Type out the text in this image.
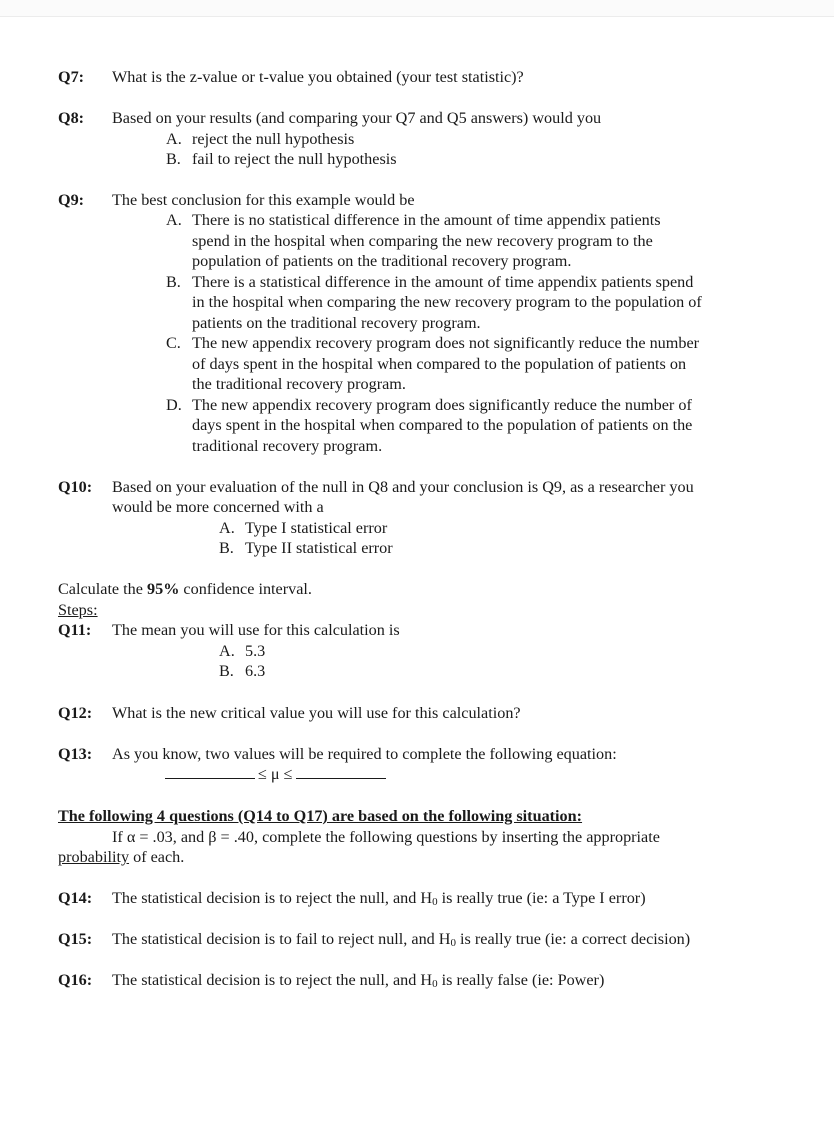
Q7: What is the z-value or t-value you obtained (your test statistic)?
Q8: Based on your results (and comparing your Q7 and Q5 answers) would you
A. reject the null hypothesis
B. fail to reject the null hypothesis
Q9: The best conclusion for this example would be
A. There is no statistical difference in the amount of time appendix patients
spend in the hospital when comparing the new recovery program to the
population of patients on the traditional recovery program.
B. There is a statistical difference in the amount of time appendix patients spend
in the hospital when comparing the new recovery program to the population of
patients on the traditional recovery program.
C. The new appendix recovery program does not significantly reduce the number
of days spent in the hospital when compared to the population of patients on
the traditional recovery program.
D. The new appendix recovery program does significantly reduce the number of
days spent in the hospital when compared to the population of patients on the
traditional recovery program.
Q10: Based on your evaluation of the null in Q8 and your conclusion is Q9, as a researcher you
would be more concerned with a
A. Type I statistical error
B. Type II statistical error
Calculate the 95% confidence interval.
Steps:
Q11: The mean you will use for this calculation is
A. 5.3
B. 6.3
Q12: What is the new critical value you will use for this calculation?
Q13: As you know, two values will be required to complete the following equation:
≤ μ ≤
The following 4 questions (Q14 to Q17) are based on the following situation:
If α = .03, and β = .40, complete the following questions by inserting the appropriate
probability of each.
Q14: The statistical decision is to reject the null, and $H_0$ is really true (ie: a Type I error)
Q15: The statistical decision is to fail to reject null, and $H_0$ is really true (ie: a correct decision)
Q16: The statistical decision is to reject the null, and $H_0$ is really false (ie: Power)
